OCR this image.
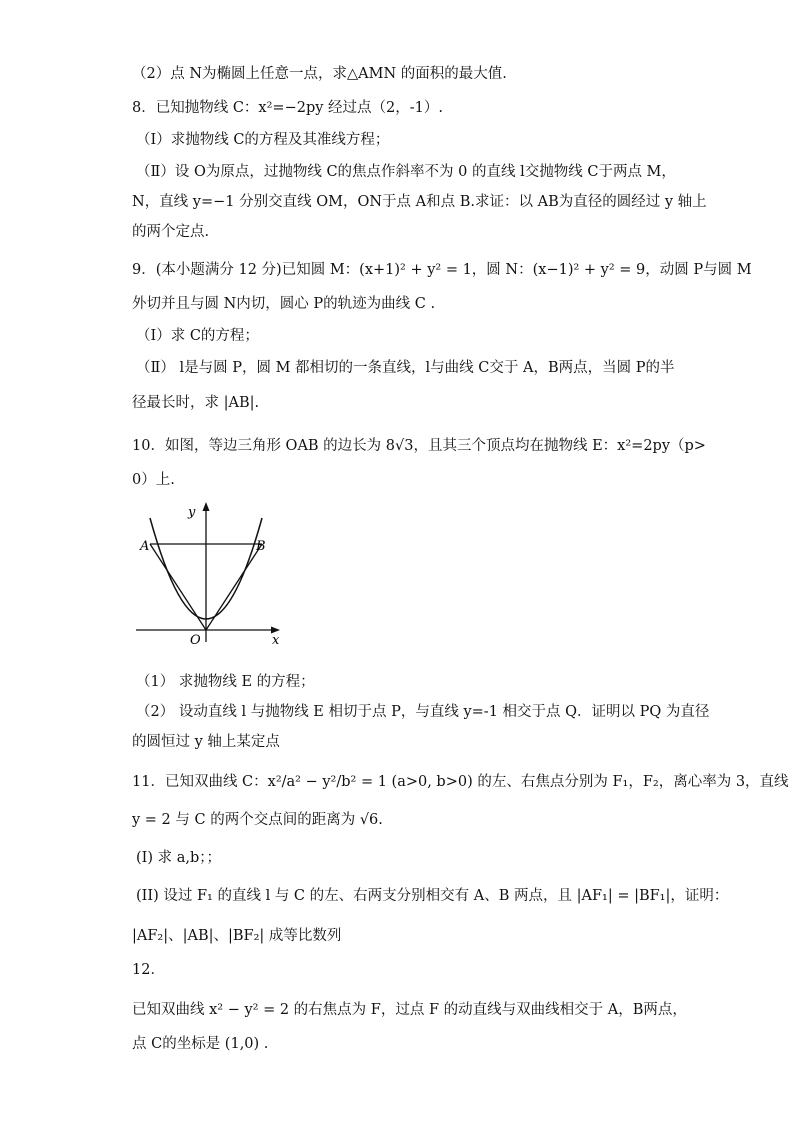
（2）点 N为椭圆上任意一点，求△AMN 的面积的最大值.
8．已知抛物线 C：x²=−2py 经过点（2，-1）.
（Ⅰ）求抛物线 C的方程及其准线方程；
（Ⅱ）设 O为原点，过抛物线 C的焦点作斜率不为 0 的直线 l交抛物线 C于两点 M，
N，直线 y=−1 分别交直线 OM，ON于点 A和点 B.求证：以 AB为直径的圆经过 y 轴上
的两个定点.
9．(本小题满分 12 分)已知圆 M：(x+1)² + y² = 1，圆 N：(x−1)² + y² = 9，动圆 P与圆 M
外切并且与圆 N内切，圆心 P的轨迹为曲线 C .
（Ⅰ）求 C的方程；
（Ⅱ） l是与圆 P，圆 M 都相切的一条直线，l与曲线 C交于 A，B两点，当圆 P的半
径最长时，求 |AB|.
10．如图，等边三角形 OAB 的边长为 8√3，且其三个顶点均在抛物线 E：x²=2py（p>
0）上.
y
A	B
O	x
（1） 求抛物线 E 的方程；
（2） 设动直线 l 与抛物线 E 相切于点 P，与直线 y=-1 相交于点 Q．证明以 PQ 为直径
的圆恒过 y 轴上某定点
11．已知双曲线 C：x²/a² − y²/b² = 1 (a>0, b>0) 的左、右焦点分别为 F₁，F₂，离心率为 3，直线
y = 2 与 C 的两个交点间的距离为 √6.
(I) 求 a,b；；
(II) 设过 F₁ 的直线 l 与 C 的左、右两支分别相交有 A、B 两点，且 |AF₁| = |BF₁|，证明：
|AF₂|、|AB|、|BF₂| 成等比数列
12．
已知双曲线 x² − y² = 2 的右焦点为 F，过点 F 的动直线与双曲线相交于 A，B两点，
点 C的坐标是 (1,0) .
